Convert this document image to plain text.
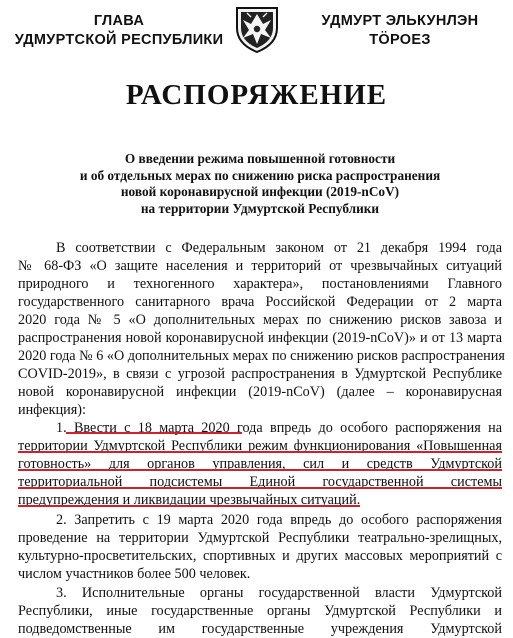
ГЛАВА
УДМУРТСКОЙ РЕСПУБЛИКИ
УДМУРТ ЭЛЬКУНЛЭН
ТӦРОЕЗ
РАСПОРЯЖЕНИЕ
О введении режима повышенной готовности
и об отдельных мерах по снижению риска распространения
новой коронавирусной инфекции (2019-nCoV)
на территории Удмуртской Республики
В соответствии с Федеральным законом от 21 декабря 1994 года
№ 68-ФЗ «О защите населения и территорий от чрезвычайных ситуаций
природного и техногенного характера», постановлениями Главного
государственного санитарного врача Российской Федерации от 2 марта
2020 года № 5 «О дополнительных мерах по снижению рисков завоза и
распространения новой коронавирусной инфекции (2019-nCoV)» и от 13 марта
2020 года № 6 «О дополнительных мерах по снижению рисков распространения
COVID-2019», в связи с угрозой распространения в Удмуртской Республике
новой коронавирусной инфекции (2019-nCoV) (далее – коронавирусная
инфекция):
1. Ввести с 18 марта 2020 года впредь до особого распоряжения на
территории Удмуртской Республики режим функционирования «Повышенная
готовность» для органов управления, сил и средств Удмуртской
территориальной подсистемы Единой государственной системы
предупреждения и ликвидации чрезвычайных ситуаций.
2. Запретить с 19 марта 2020 года впредь до особого распоряжения
проведение на территории Удмуртской Республики театрально-зрелищных,
культурно-просветительских, спортивных и других массовых мероприятий с
числом участников более 500 человек.
3. Исполнительные органы государственной власти Удмуртской
Республики, иные государственные органы Удмуртской Республики и
подведомственные им государственные учреждения Удмуртской
